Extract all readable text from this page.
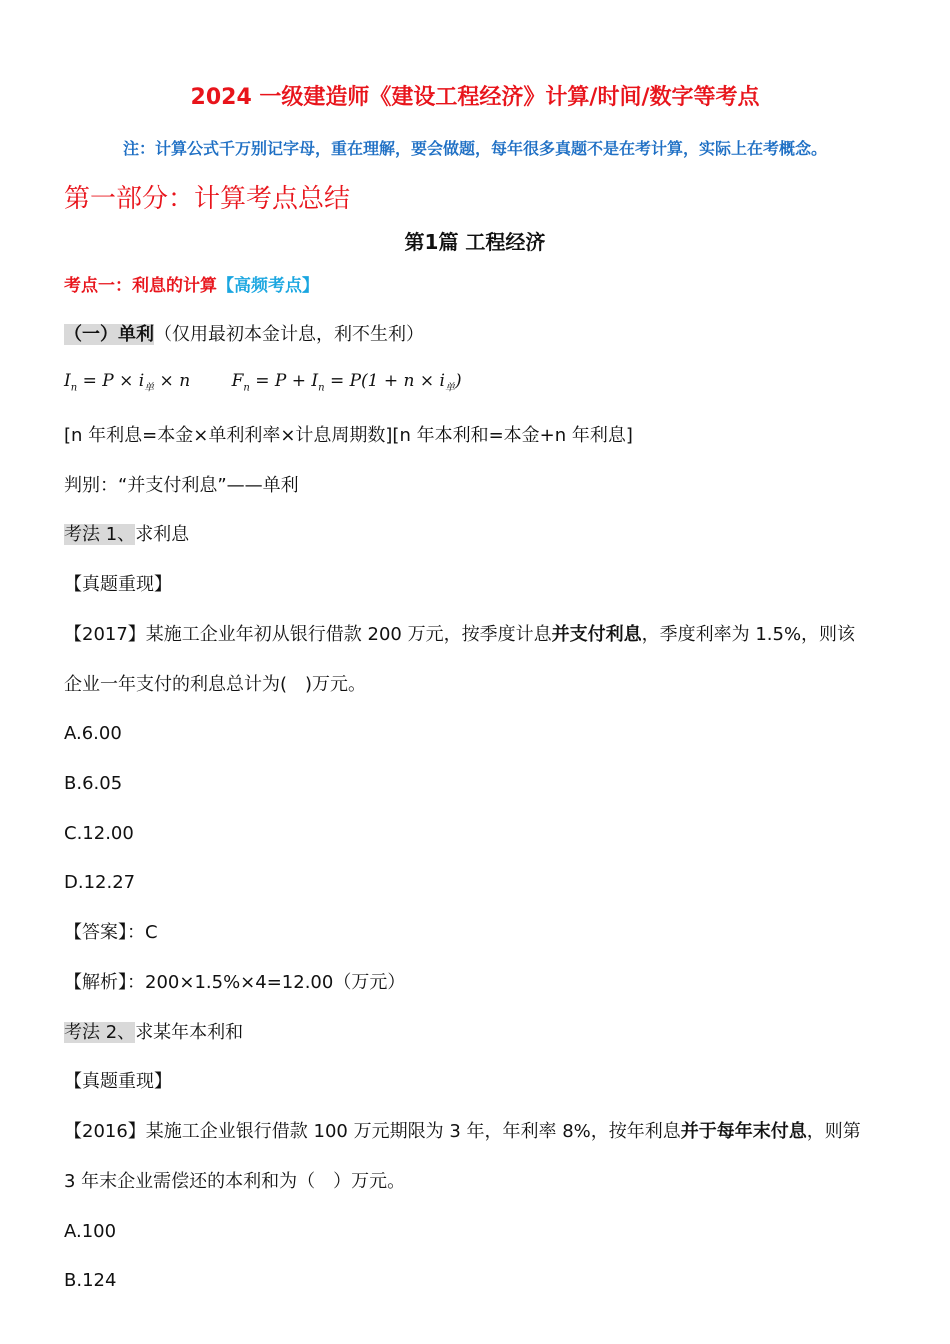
2024 一级建造师《建设工程经济》计算/时间/数字等考点
注：计算公式千万别记字母，重在理解，要会做题，每年很多真题不是在考计算，实际上在考概念。
第一部分：计算考点总结
第1篇 工程经济
考点一：利息的计算【高频考点】
（一）单利（仅用最初本金计息，利不生利）
$I_n = P \times i_单 \times n$ $F_n = P + I_n = P(1 + n \times i_单)$
[n 年利息=本金×单利利率×计息周期数][n 年本利和=本金+n 年利息]
判别：“并支付利息”——单利
考法 1、求利息
【真题重现】
【2017】某施工企业年初从银行借款 200 万元，按季度计息并支付利息，季度利率为 1.5%，则该
企业一年支付的利息总计为(　)万元。
A.6.00
B.6.05
C.12.00
D.12.27
【答案】：C
【解析】：200×1.5%×4=12.00（万元）
考法 2、求某年本利和
【真题重现】
【2016】某施工企业银行借款 100 万元期限为 3 年，年利率 8%，按年利息并于每年末付息，则第
3 年末企业需偿还的本利和为（　）万元。
A.100
B.124
